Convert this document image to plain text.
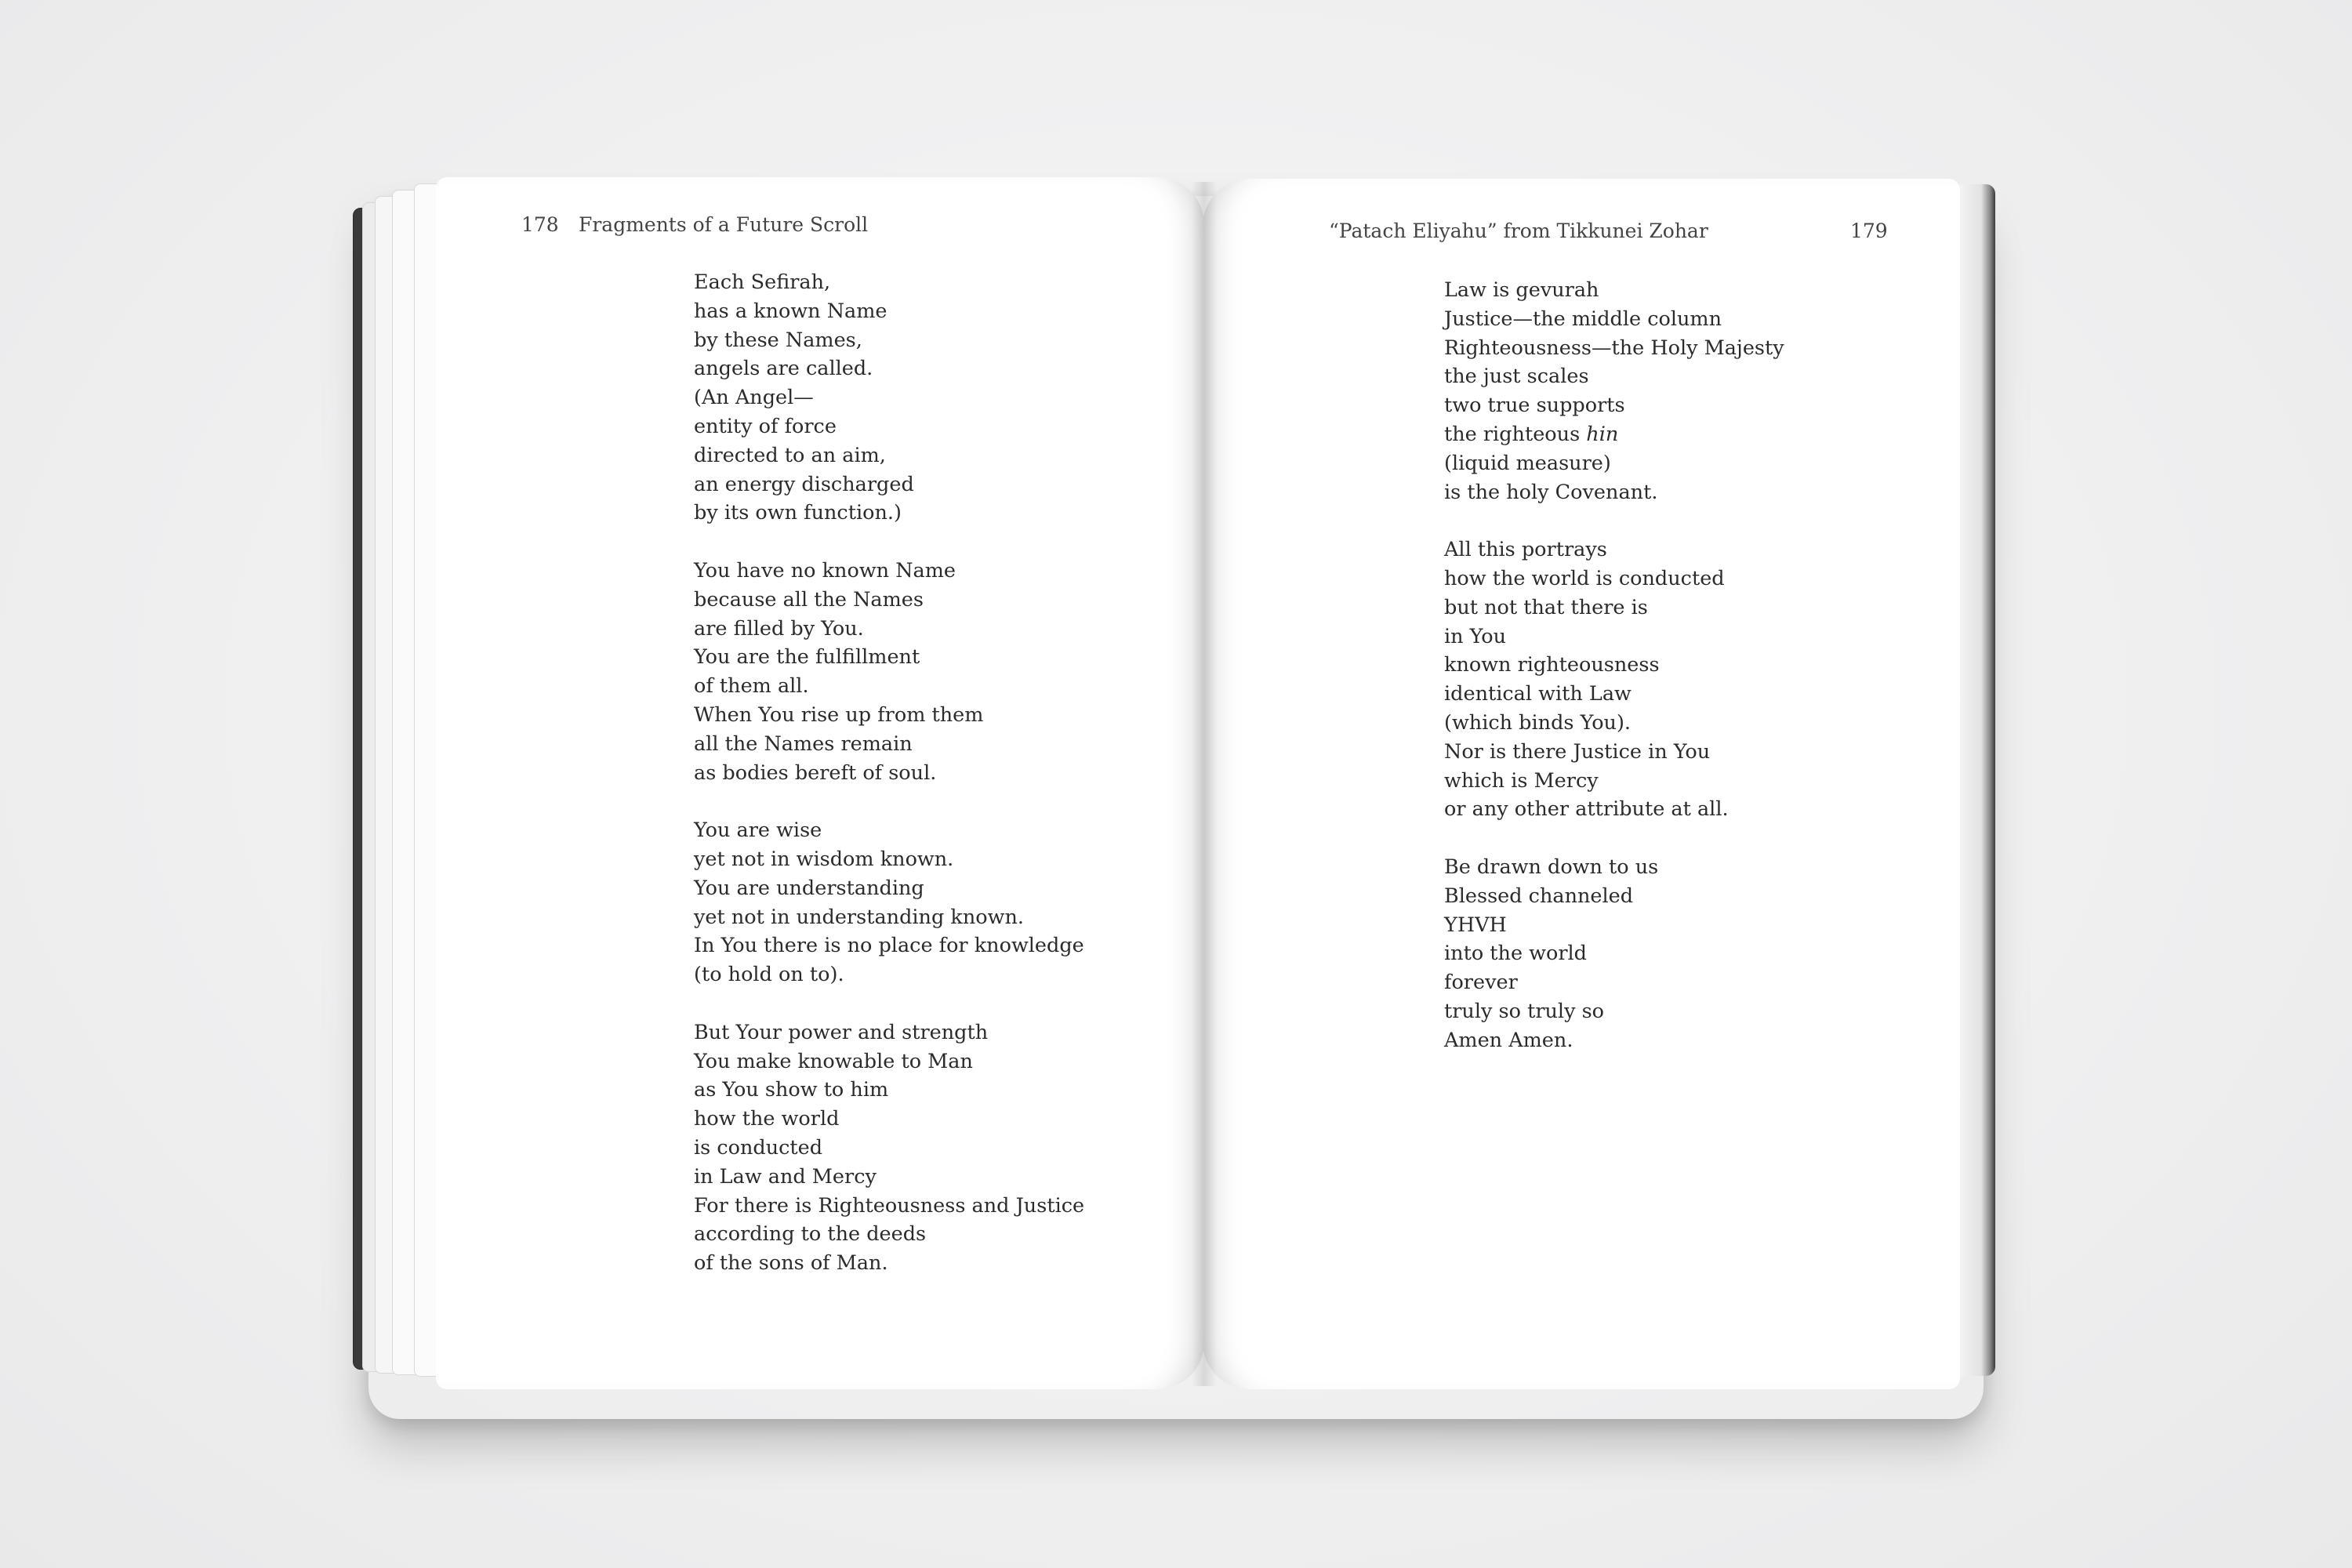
178 Fragments of a Future Scroll	“Patach Eliyahu” from Tikkunei Zohar	179
Each Sefirah,
has a known Name
by these Names,
angels are called.
(An Angel—
entity of force
directed to an aim,
an energy discharged
by its own function.)
You have no known Name
because all the Names
are filled by You.
You are the fulfillment
of them all.
When You rise up from them
all the Names remain
as bodies bereft of soul.
You are wise
yet not in wisdom known.
You are understanding
yet not in understanding known.
In You there is no place for knowledge
(to hold on to).
But Your power and strength
You make knowable to Man
as You show to him
how the world
is conducted
in Law and Mercy
For there is Righteousness and Justice
according to the deeds
of the sons of Man.
Law is gevurah
Justice—the middle column
Righteousness—the Holy Majesty
the just scales
two true supports
the righteous hin
(liquid measure)
is the holy Covenant.
All this portrays
how the world is conducted
but not that there is
in You
known righteousness
identical with Law
(which binds You).
Nor is there Justice in You
which is Mercy
or any other attribute at all.
Be drawn down to us
Blessed channeled
YHVH
into the world
forever
truly so truly so
Amen Amen.
